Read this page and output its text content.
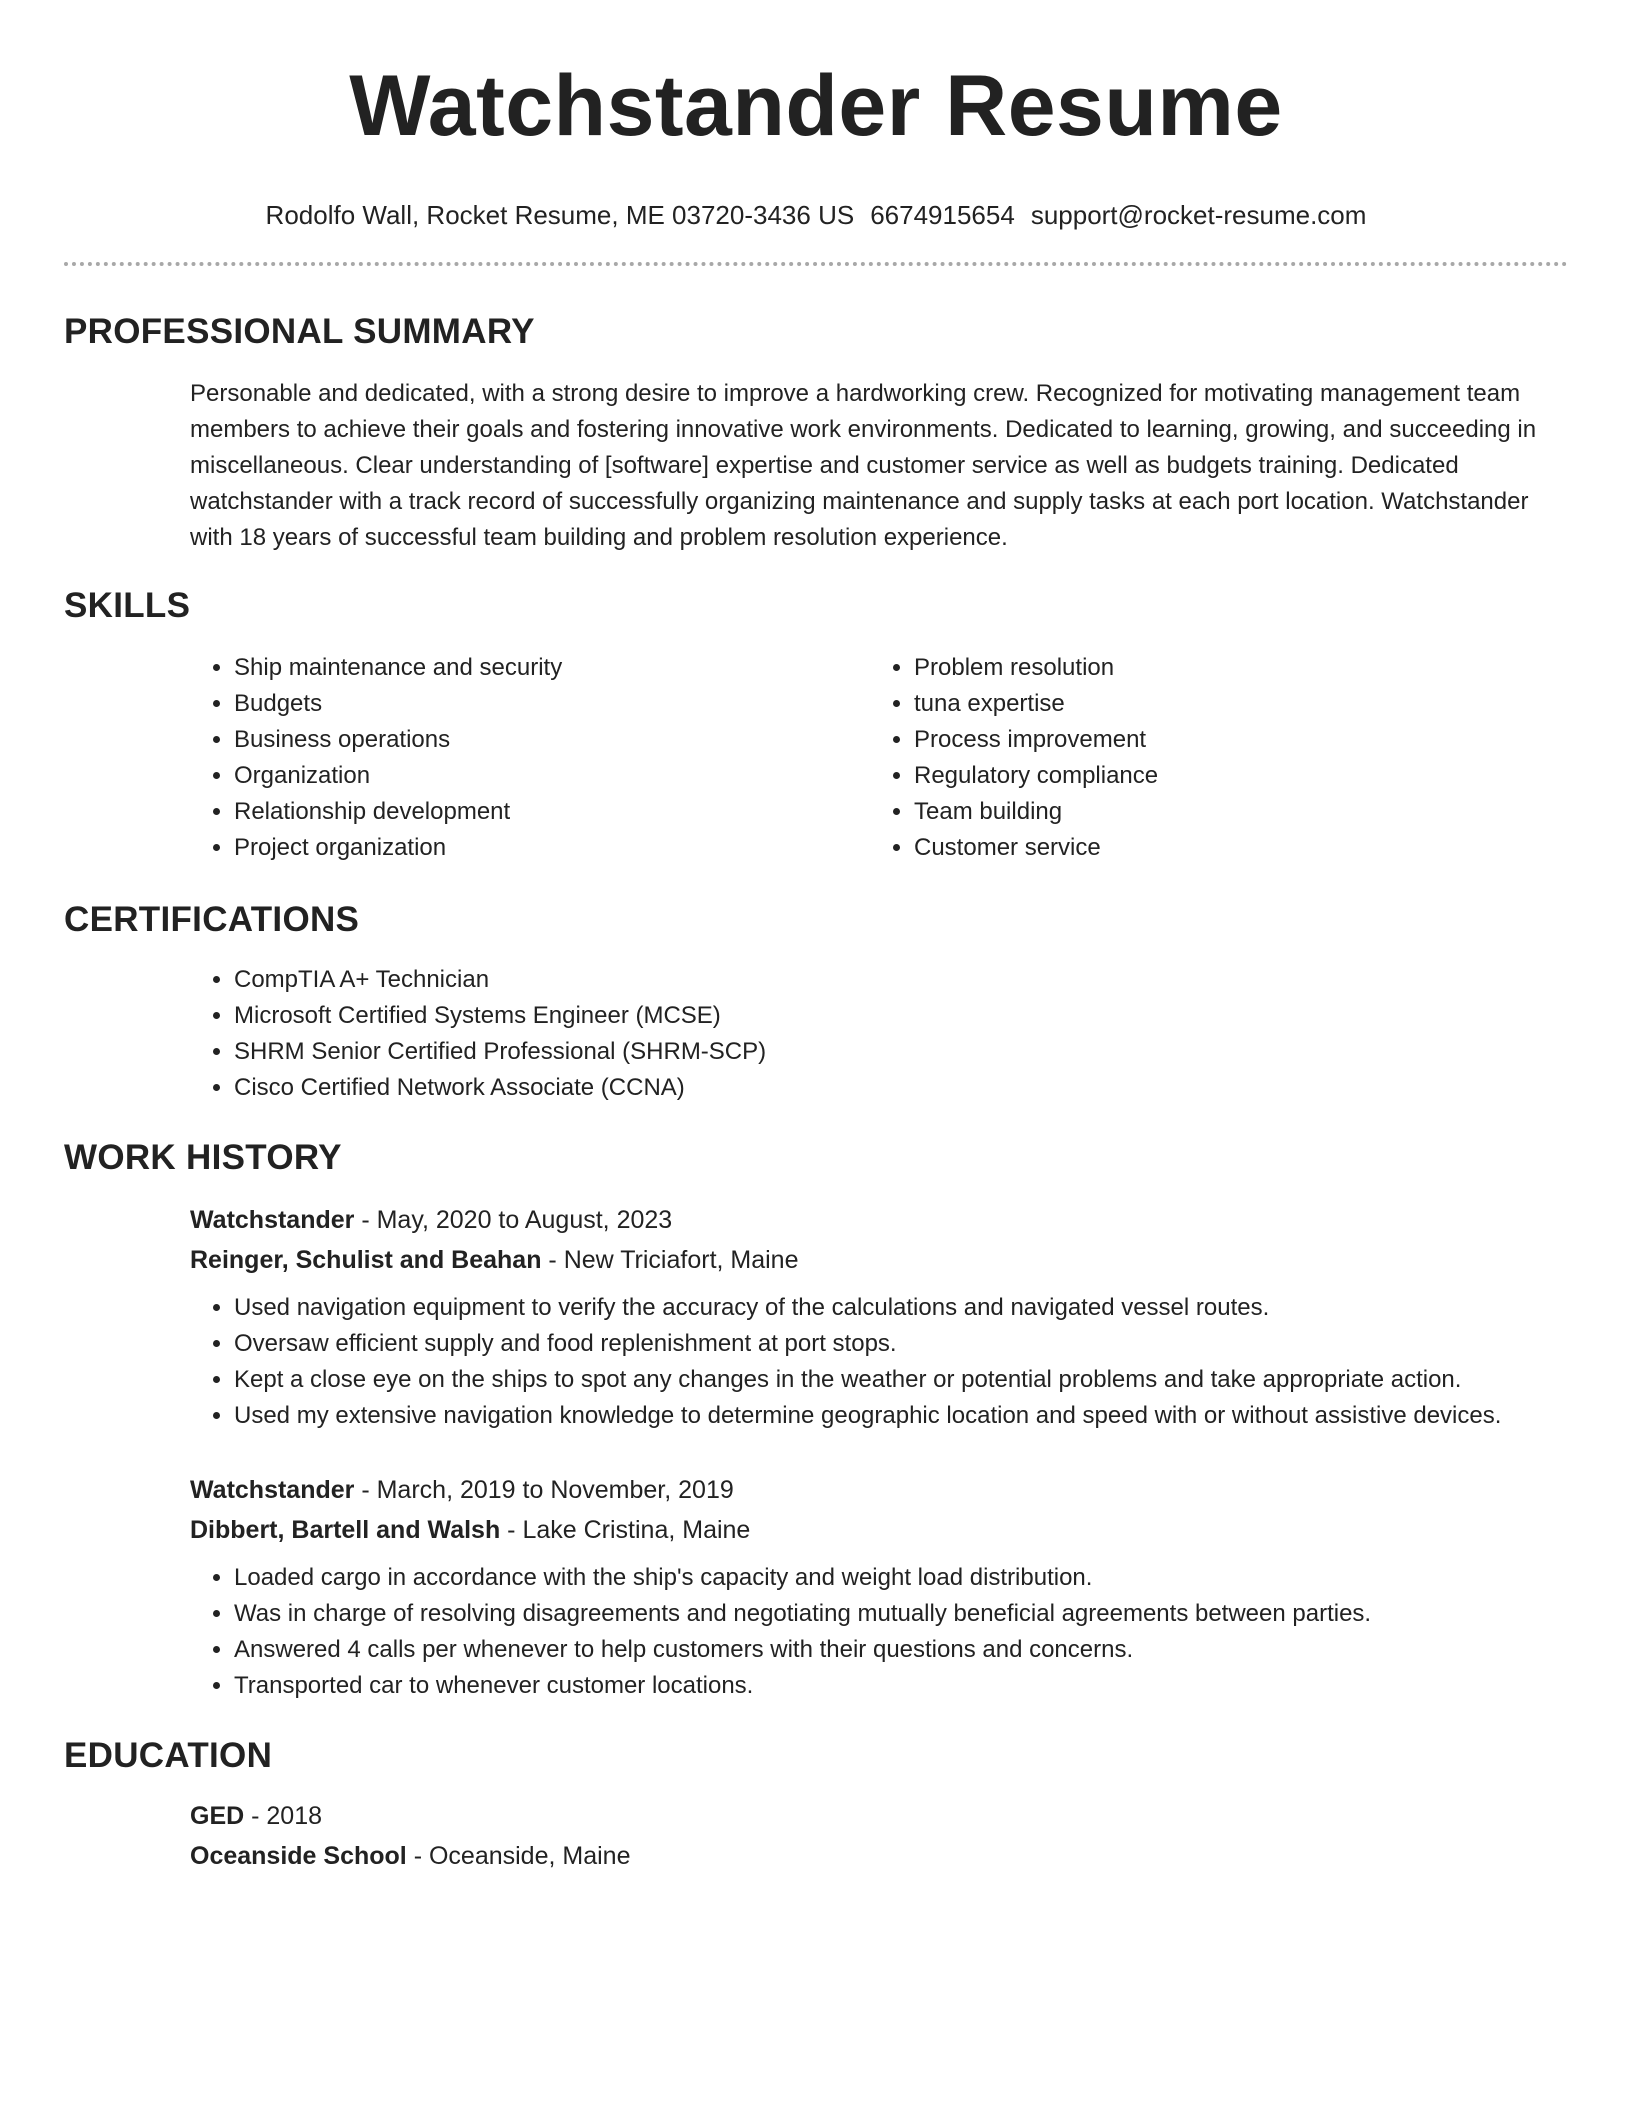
Watchstander Resume
Rodolfo Wall, Rocket Resume, ME 03720-3436 US 6674915654 support@rocket-resume.com
PROFESSIONAL SUMMARY

Personable and dedicated, with a strong desire to improve a hardworking crew. Recognized for motivating management team members to achieve their goals and fostering innovative work environments. Dedicated to learning, growing, and succeeding in miscellaneous. Clear understanding of [software] expertise and customer service as well as budgets training. Dedicated watchstander with a track record of successfully organizing maintenance and supply tasks at each port location. Watchstander with 18 years of successful team building and problem resolution experience.

SKILLS
• Ship maintenance and security
• Budgets
• Business operations
• Organization
• Relationship development
• Project organization
• Problem resolution
• tuna expertise
• Process improvement
• Regulatory compliance
• Team building
• Customer service
CERTIFICATIONS
• CompTIA A+ Technician
• Microsoft Certified Systems Engineer (MCSE)
• SHRM Senior Certified Professional (SHRM-SCP)
• Cisco Certified Network Associate (CCNA)
WORK HISTORY
Watchstander - May, 2020 to August, 2023
Reinger, Schulist and Beahan - New Triciafort, Maine
• Used navigation equipment to verify the accuracy of the calculations and navigated vessel routes.
• Oversaw efficient supply and food replenishment at port stops.
• Kept a close eye on the ships to spot any changes in the weather or potential problems and take appropriate action.
• Used my extensive navigation knowledge to determine geographic location and speed with or without assistive devices.
Watchstander - March, 2019 to November, 2019
Dibbert, Bartell and Walsh - Lake Cristina, Maine
• Loaded cargo in accordance with the ship's capacity and weight load distribution.
• Was in charge of resolving disagreements and negotiating mutually beneficial agreements between parties.
• Answered 4 calls per whenever to help customers with their questions and concerns.
• Transported car to whenever customer locations.
EDUCATION
GED - 2018
Oceanside School - Oceanside, Maine
